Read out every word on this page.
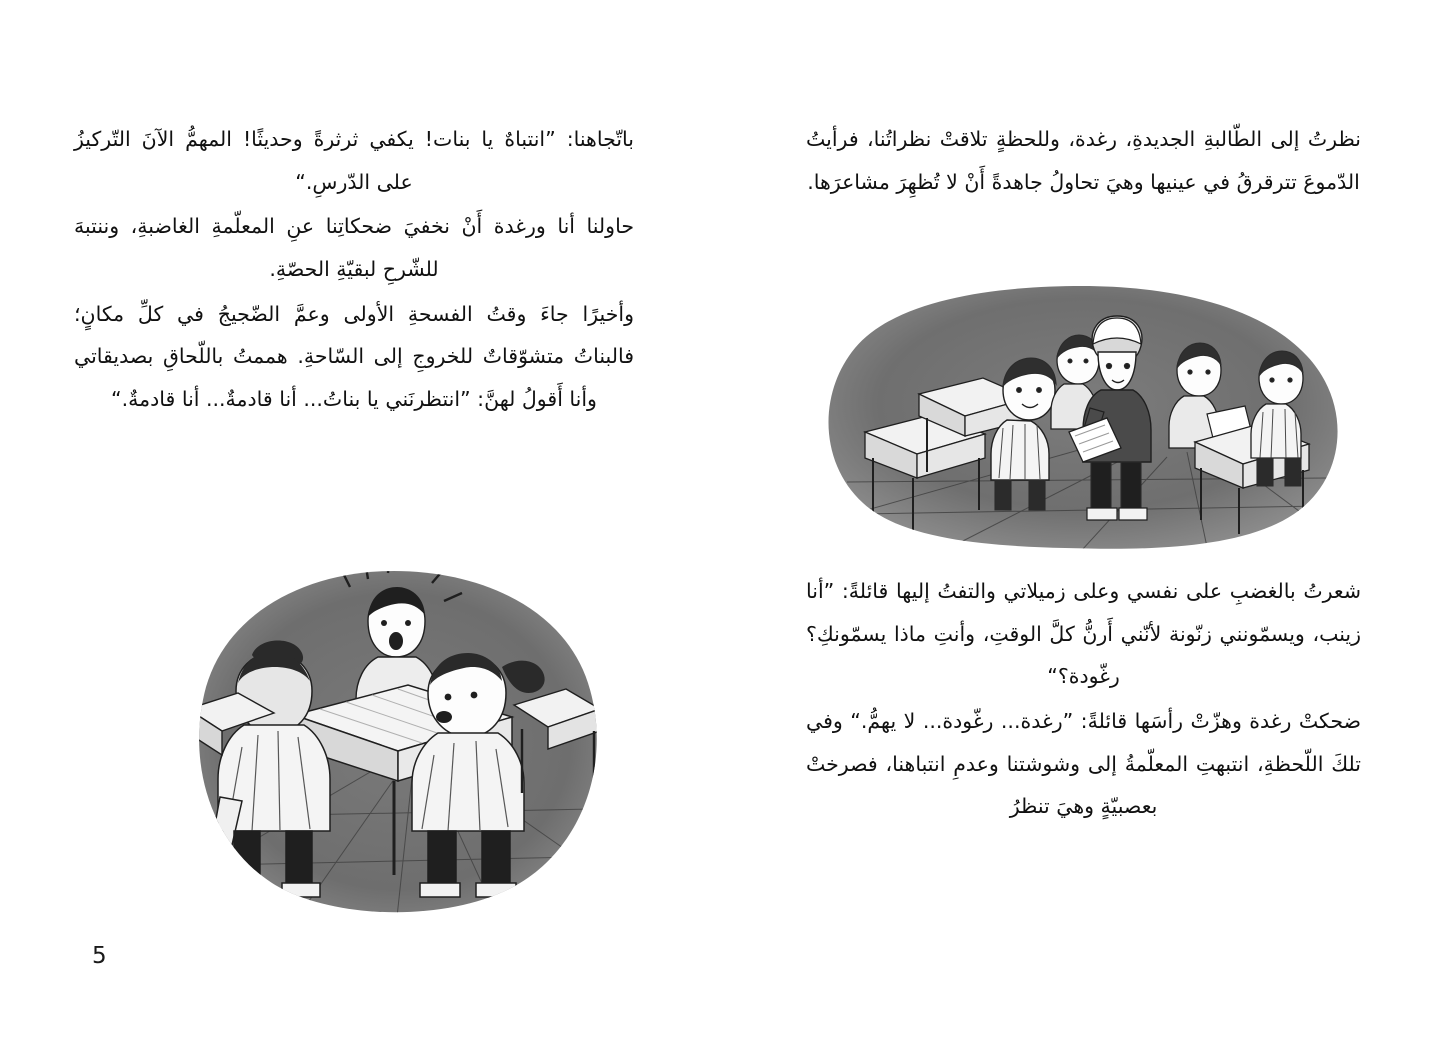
نظرتُ إلى الطّالبةِ الجديدةِ، رغدة، وللحظةٍ تلاقتْ نظراتُنا، فرأيتُ الدّموعَ تترقرقُ في عينيها وهيَ تحاولُ جاهدةً أَنْ لا تُظهِرَ مشاعرَها.

شعرتُ بالغضبِ على نفسي وعلى زميلاتي والتفتُ إليها قائلةً: ”أنا زينب، ويسمّونني زنّونة لأنّني أَرنُّ كلَّ الوقتِ، وأنتِ ماذا يسمّونكِ؟ رغّودة؟“

ضحكتْ رغدة وهزّتْ رأسَها قائلةً: ”رغدة... رغّودة... لا يهمُّ.“ وفي تلكَ اللّحظةِ، انتبهتِ المعلّمةُ إلى وشوشتنا وعدمِ انتباهنا، فصرختْ بعصبيّةٍ وهيَ تنظرُ

باتّجاهنا: ”انتباهٌ يا بنات! يكفي ثرثرةً وحديثًا! المهمُّ الآنَ التّركيزُ على الدّرسِ.“

حاولنا أنا ورغدة أَنْ نخفيَ ضحكاتِنا عنِ المعلّمةِ الغاضبةِ، وننتبهَ للشّرحِ لبقيّةِ الحصّةِ.

وأخيرًا جاءَ وقتُ الفسحةِ الأولى وعمَّ الضّجيجُ في كلِّ مكانٍ؛ فالبناتُ متشوّقاتٌ للخروجِ إلى السّاحةِ. هممتُ باللّحاقِ بصديقاتي وأنا أَقولُ لهنَّ: ”انتظرنَني يا بناتُ... أنا قادمةٌ... أنا قادمةٌ.“

5
